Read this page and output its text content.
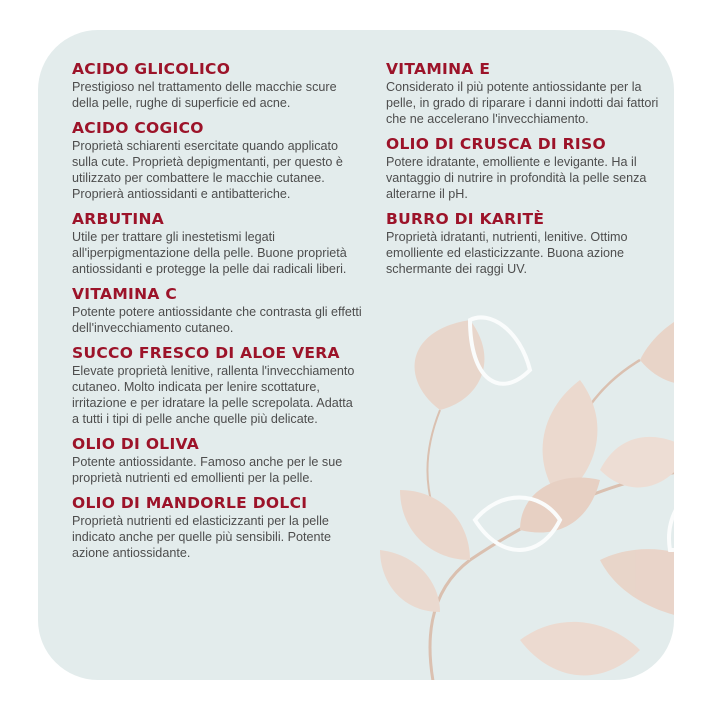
ACIDO GLICOLICO

Prestigioso nel trattamento delle macchie scure della pelle, rughe di superficie ed acne.

ACIDO COGICO

Proprietà schiarenti esercitate quando applicato sulla cute. Proprietà depigmentanti, per questo è utilizzato per combattere le macchie cutanee. Proprierà antiossidanti e antibatteriche.

ARBUTINA

Utile per trattare gli inestetismi legati all'iperpigmentazione della pelle. Buone proprietà antiossidanti e protegge la pelle dai radicali liberi.

VITAMINA C

Potente potere antiossidante che contrasta gli effetti dell'invecchiamento cutaneo.

SUCCO FRESCO DI ALOE VERA

Elevate proprietà lenitive, rallenta l'invecchiamento cutaneo. Molto indicata per lenire scottature, irritazione e per idratare la pelle screpolata. Adatta a tutti i tipi di pelle anche quelle più delicate.

OLIO DI OLIVA

Potente antiossidante. Famoso anche per le sue proprietà nutrienti ed emollienti per la pelle.

OLIO DI MANDORLE DOLCI

Proprietà nutrienti ed elasticizzanti per la pelle indicato anche per quelle più sensibili. Potente azione antiossidante.

VITAMINA E

Considerato il più potente antiossidante per la pelle, in grado di riparare i danni indotti dai fattori che ne accelerano l'invecchiamento.

OLIO DI CRUSCA DI RISO

Potere idratante, emolliente e levigante. Ha il vantaggio di nutrire in profondità la pelle senza alterarne il pH.

BURRO DI KARITÈ

Proprietà idratanti, nutrienti, lenitive. Ottimo emolliente ed elasticizzante. Buona azione schermante dei raggi UV.
